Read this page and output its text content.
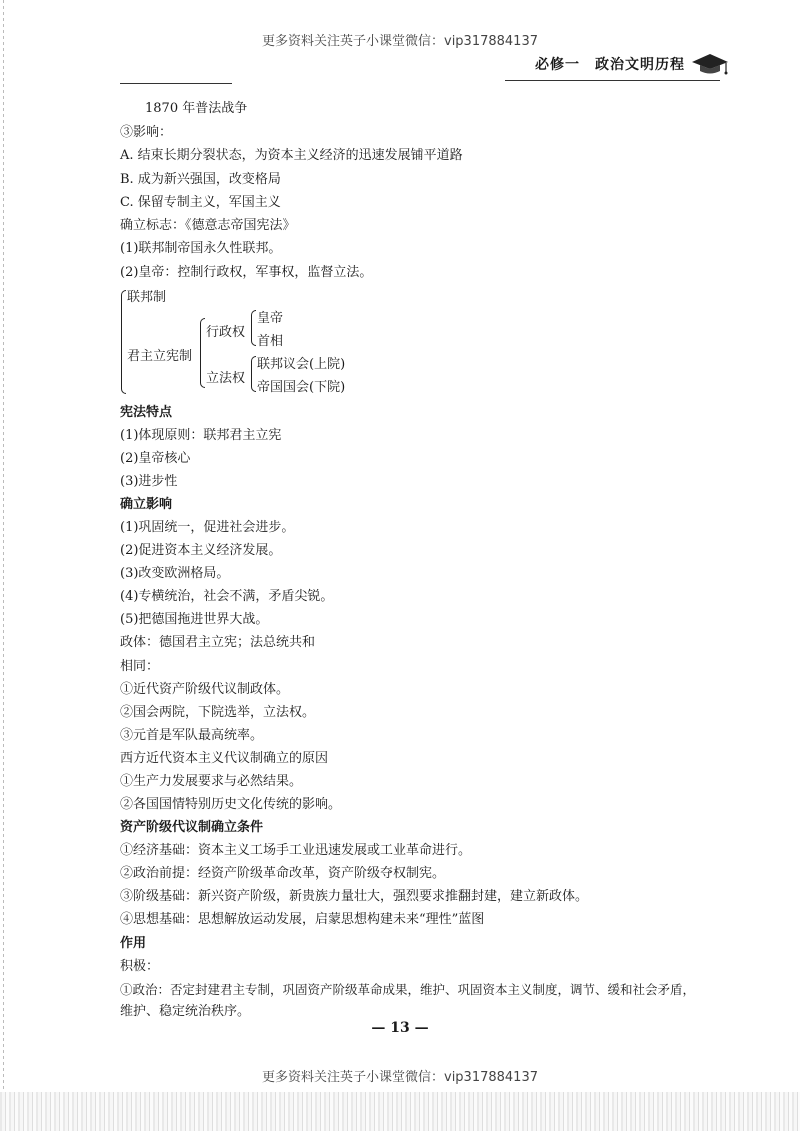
更多资料关注英子小课堂微信：vip317884137
必修一　政治文明历程
1870 年普法战争
③影响：
A. 结束长期分裂状态，为资本主义经济的迅速发展铺平道路
B. 成为新兴强国，改变格局
C. 保留专制主义，军国主义
确立标志：《德意志帝国宪法》
(1)联邦制帝国永久性联邦。
(2)皇帝：控制行政权，军事权，监督立法。
联邦制
君主立宪制
行政权
皇帝
首相
立法权
联邦议会(上院)
帝国国会(下院)
宪法特点
(1)体现原则：联邦君主立宪
(2)皇帝核心
(3)进步性
确立影响
(1)巩固统一，促进社会进步。
(2)促进资本主义经济发展。
(3)改变欧洲格局。
(4)专横统治，社会不满，矛盾尖锐。
(5)把德国拖进世界大战。
政体：德国君主立宪；法总统共和
相同：
①近代资产阶级代议制政体。
②国会两院，下院选举，立法权。
③元首是军队最高统率。
西方近代资本主义代议制确立的原因
①生产力发展要求与必然结果。
②各国国情特别历史文化传统的影响。
资产阶级代议制确立条件
①经济基础：资本主义工场手工业迅速发展或工业革命进行。
②政治前提：经资产阶级革命改革，资产阶级夺权制宪。
③阶级基础：新兴资产阶级，新贵族力量壮大，强烈要求推翻封建，建立新政体。
④思想基础：思想解放运动发展，启蒙思想构建未来“理性”蓝图
作用
积极：
①政治：否定封建君主专制，巩固资产阶级革命成果，维护、巩固资本主义制度，调节、缓和社会矛盾，
维护、稳定统治秩序。
— 13 —
更多资料关注英子小课堂微信：vip317884137
